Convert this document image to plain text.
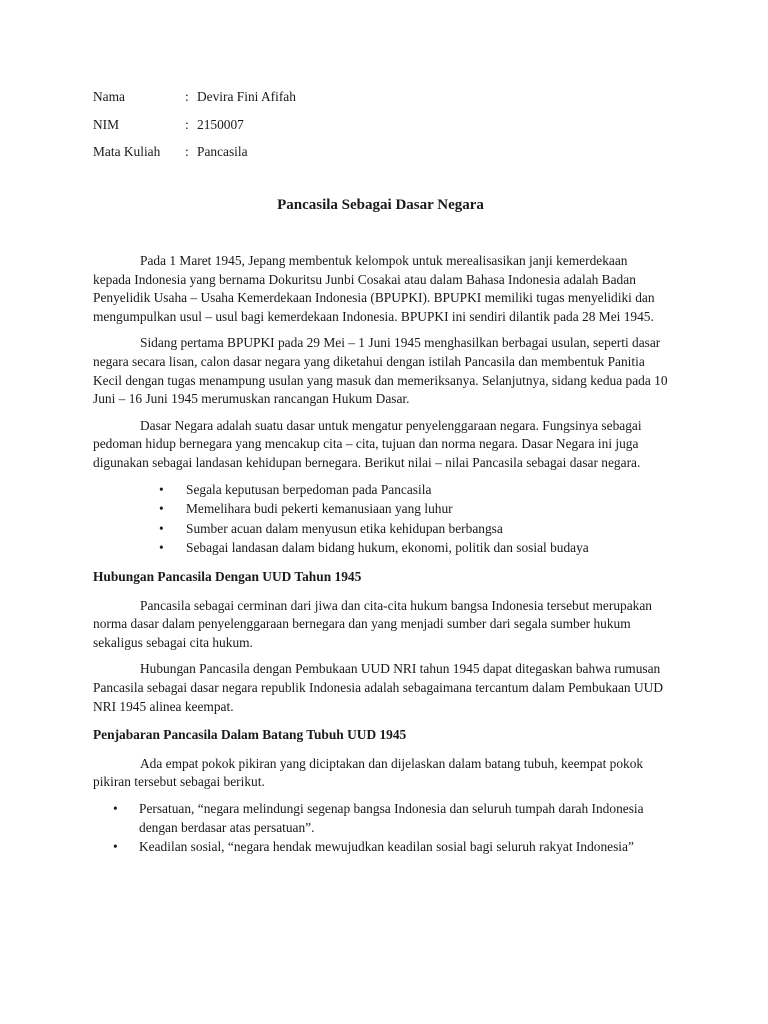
Nama	: Devira Fini Afifah
NIM	: 2150007
Mata Kuliah	: Pancasila
Pancasila Sebagai Dasar Negara

Pada 1 Maret 1945, Jepang membentuk kelompok untuk merealisasikan janji kemerdekaan kepada Indonesia yang bernama Dokuritsu Junbi Cosakai atau dalam Bahasa Indonesia adalah Badan Penyelidik Usaha – Usaha Kemerdekaan Indonesia (BPUPKI). BPUPKI memiliki tugas menyelidiki dan mengumpulkan usul – usul bagi kemerdekaan Indonesia. BPUPKI ini sendiri dilantik pada 28 Mei 1945.

Sidang pertama BPUPKI pada 29 Mei – 1 Juni 1945 menghasilkan berbagai usulan, seperti dasar negara secara lisan, calon dasar negara yang diketahui dengan istilah Pancasila dan membentuk Panitia Kecil dengan tugas menampung usulan yang masuk dan memeriksanya. Selanjutnya, sidang kedua pada 10 Juni – 16 Juni 1945 merumuskan rancangan Hukum Dasar.

Dasar Negara adalah suatu dasar untuk mengatur penyelenggaraan negara. Fungsinya sebagai pedoman hidup bernegara yang mencakup cita – cita, tujuan dan norma negara. Dasar Negara ini juga digunakan sebagai landasan kehidupan bernegara. Berikut nilai – nilai Pancasila sebagai dasar negara.

• Segala keputusan berpedoman pada Pancasila
• Memelihara budi pekerti kemanusiaan yang luhur
• Sumber acuan dalam menyusun etika kehidupan berbangsa
• Sebagai landasan dalam bidang hukum, ekonomi, politik dan sosial budaya
Hubungan Pancasila Dengan UUD Tahun 1945

Pancasila sebagai cerminan dari jiwa dan cita-cita hukum bangsa Indonesia tersebut merupakan norma dasar dalam penyelenggaraan bernegara dan yang menjadi sumber dari segala sumber hukum sekaligus sebagai cita hukum.

Hubungan Pancasila dengan Pembukaan UUD NRI tahun 1945 dapat ditegaskan bahwa rumusan Pancasila sebagai dasar negara republik Indonesia adalah sebagaimana tercantum dalam Pembukaan UUD NRI 1945 alinea keempat.

Penjabaran Pancasila Dalam Batang Tubuh UUD 1945

Ada empat pokok pikiran yang diciptakan dan dijelaskan dalam batang tubuh, keempat pokok pikiran tersebut sebagai berikut.

• Persatuan, “negara melindungi segenap bangsa Indonesia dan seluruh tumpah darah Indonesia dengan berdasar atas persatuan”.
• Keadilan sosial, “negara hendak mewujudkan keadilan sosial bagi seluruh rakyat Indonesia”
